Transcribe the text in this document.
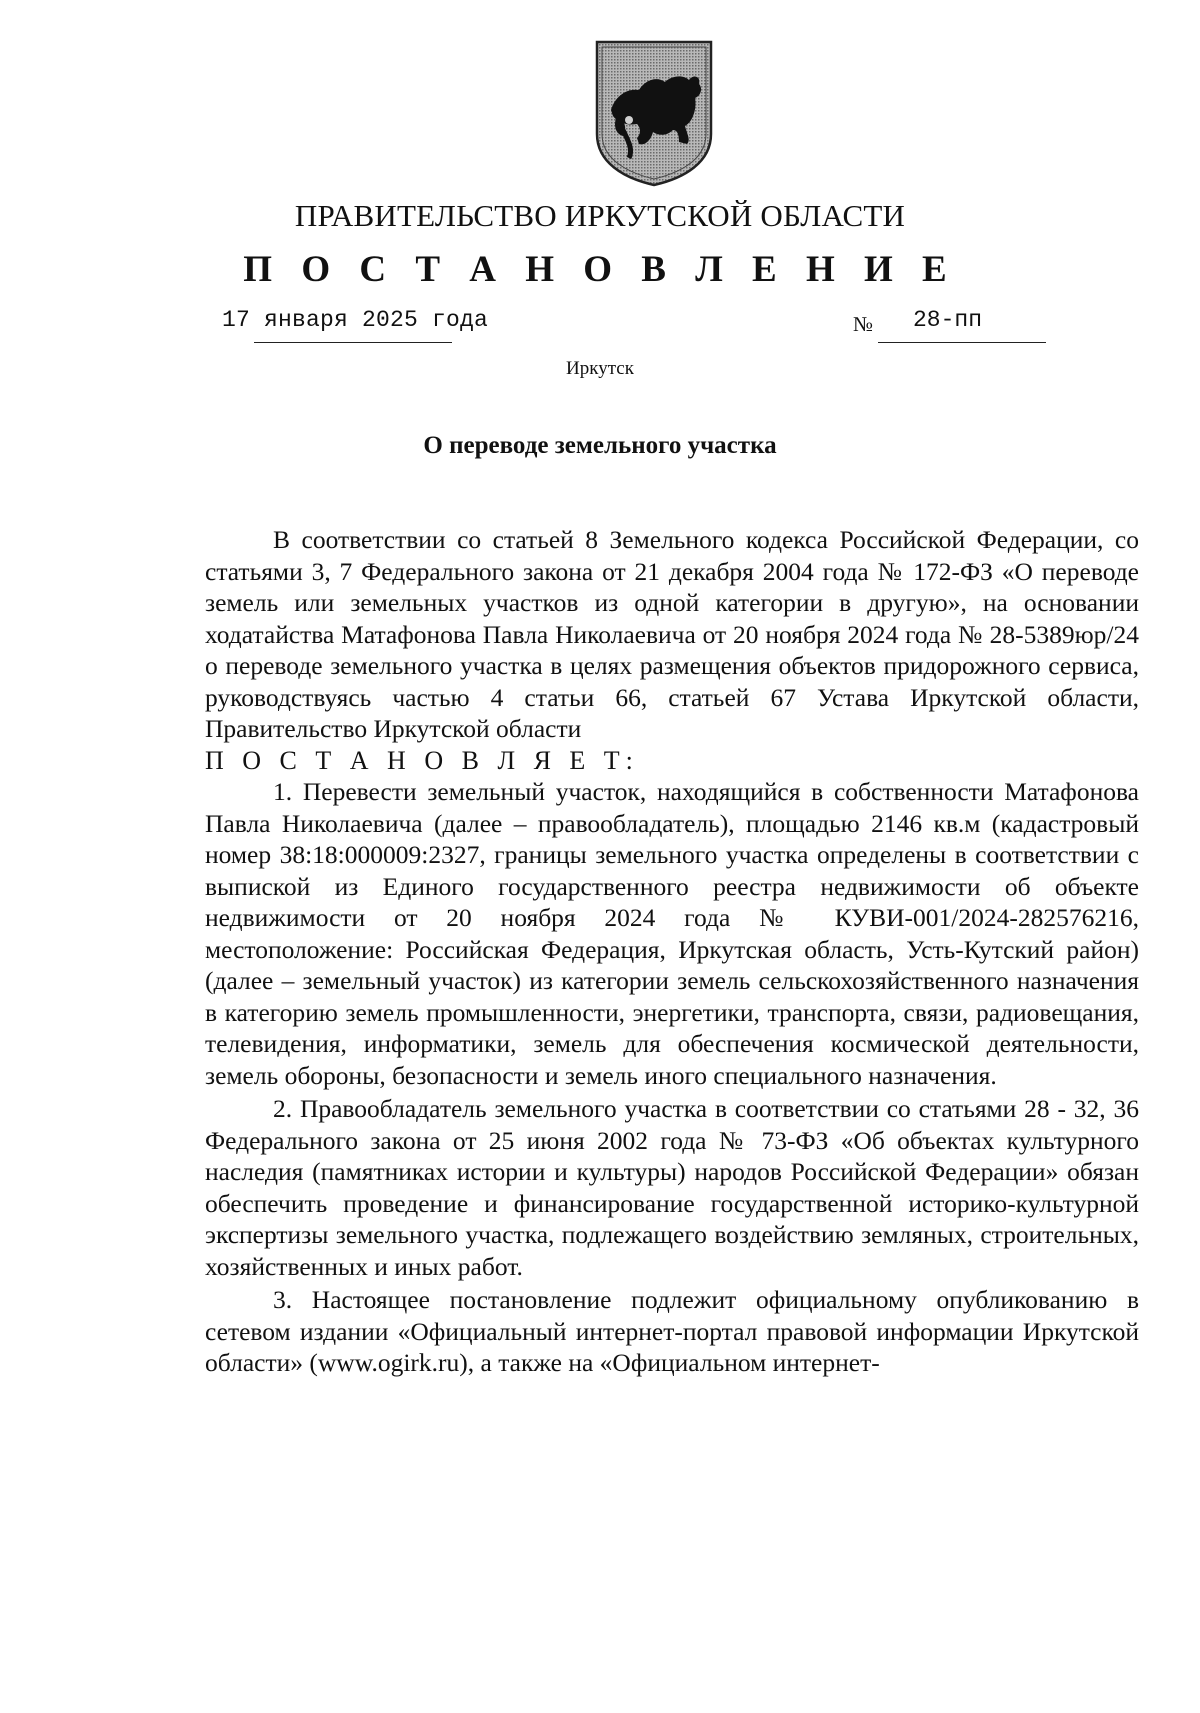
ПРАВИТЕЛЬСТВО ИРКУТСКОЙ ОБЛАСТИ
П О С Т А Н О В Л Е Н И Е
17 января 2025 года	№ 28-пп
Иркутск
О переводе земельного участка

В соответствии со статьей 8 Земельного кодекса Российской Федерации, со статьями 3, 7 Федерального закона от 21 декабря 2004 года № 172-ФЗ «О переводе земель или земельных участков из одной категории в другую», на основании ходатайства Матафонова Павла Николаевича от 20 ноября 2024 года № 28-5389юр/24 о переводе земельного участка в целях размещения объектов придорожного сервиса, руководствуясь частью 4 статьи 66, статьей 67 Устава Иркутской области, Правительство Иркутской области

П О С Т А Н О В Л Я Е Т:

1. Перевести земельный участок, находящийся в собственности Матафонова Павла Николаевича (далее – правообладатель), площадью 2146 кв.м (кадастровый номер 38:18:000009:2327, границы земельного участка определены в соответствии с выпиской из Единого государственного реестра недвижимости об объекте недвижимости от 20 ноября 2024 года № КУВИ-001/2024-282576216, местоположение: Российская Федерация, Иркутская область, Усть-Кутский район) (далее – земельный участок) из категории земель сельскохозяйственного назначения в категорию земель промышленности, энергетики, транспорта, связи, радиовещания, телевидения, информатики, земель для обеспечения космической деятельности, земель обороны, безопасности и земель иного специального назначения.

2. Правообладатель земельного участка в соответствии со статьями 28 - 32, 36 Федерального закона от 25 июня 2002 года № 73-ФЗ «Об объектах культурного наследия (памятниках истории и культуры) народов Российской Федерации» обязан обеспечить проведение и финансирование государственной историко-культурной экспертизы земельного участка, подлежащего воздействию земляных, строительных, хозяйственных и иных работ.

3. Настоящее постановление подлежит официальному опубликованию в сетевом издании «Официальный интернет-портал правовой информации Иркутской области» (www.ogirk.ru), а также на «Официальном интернет-
